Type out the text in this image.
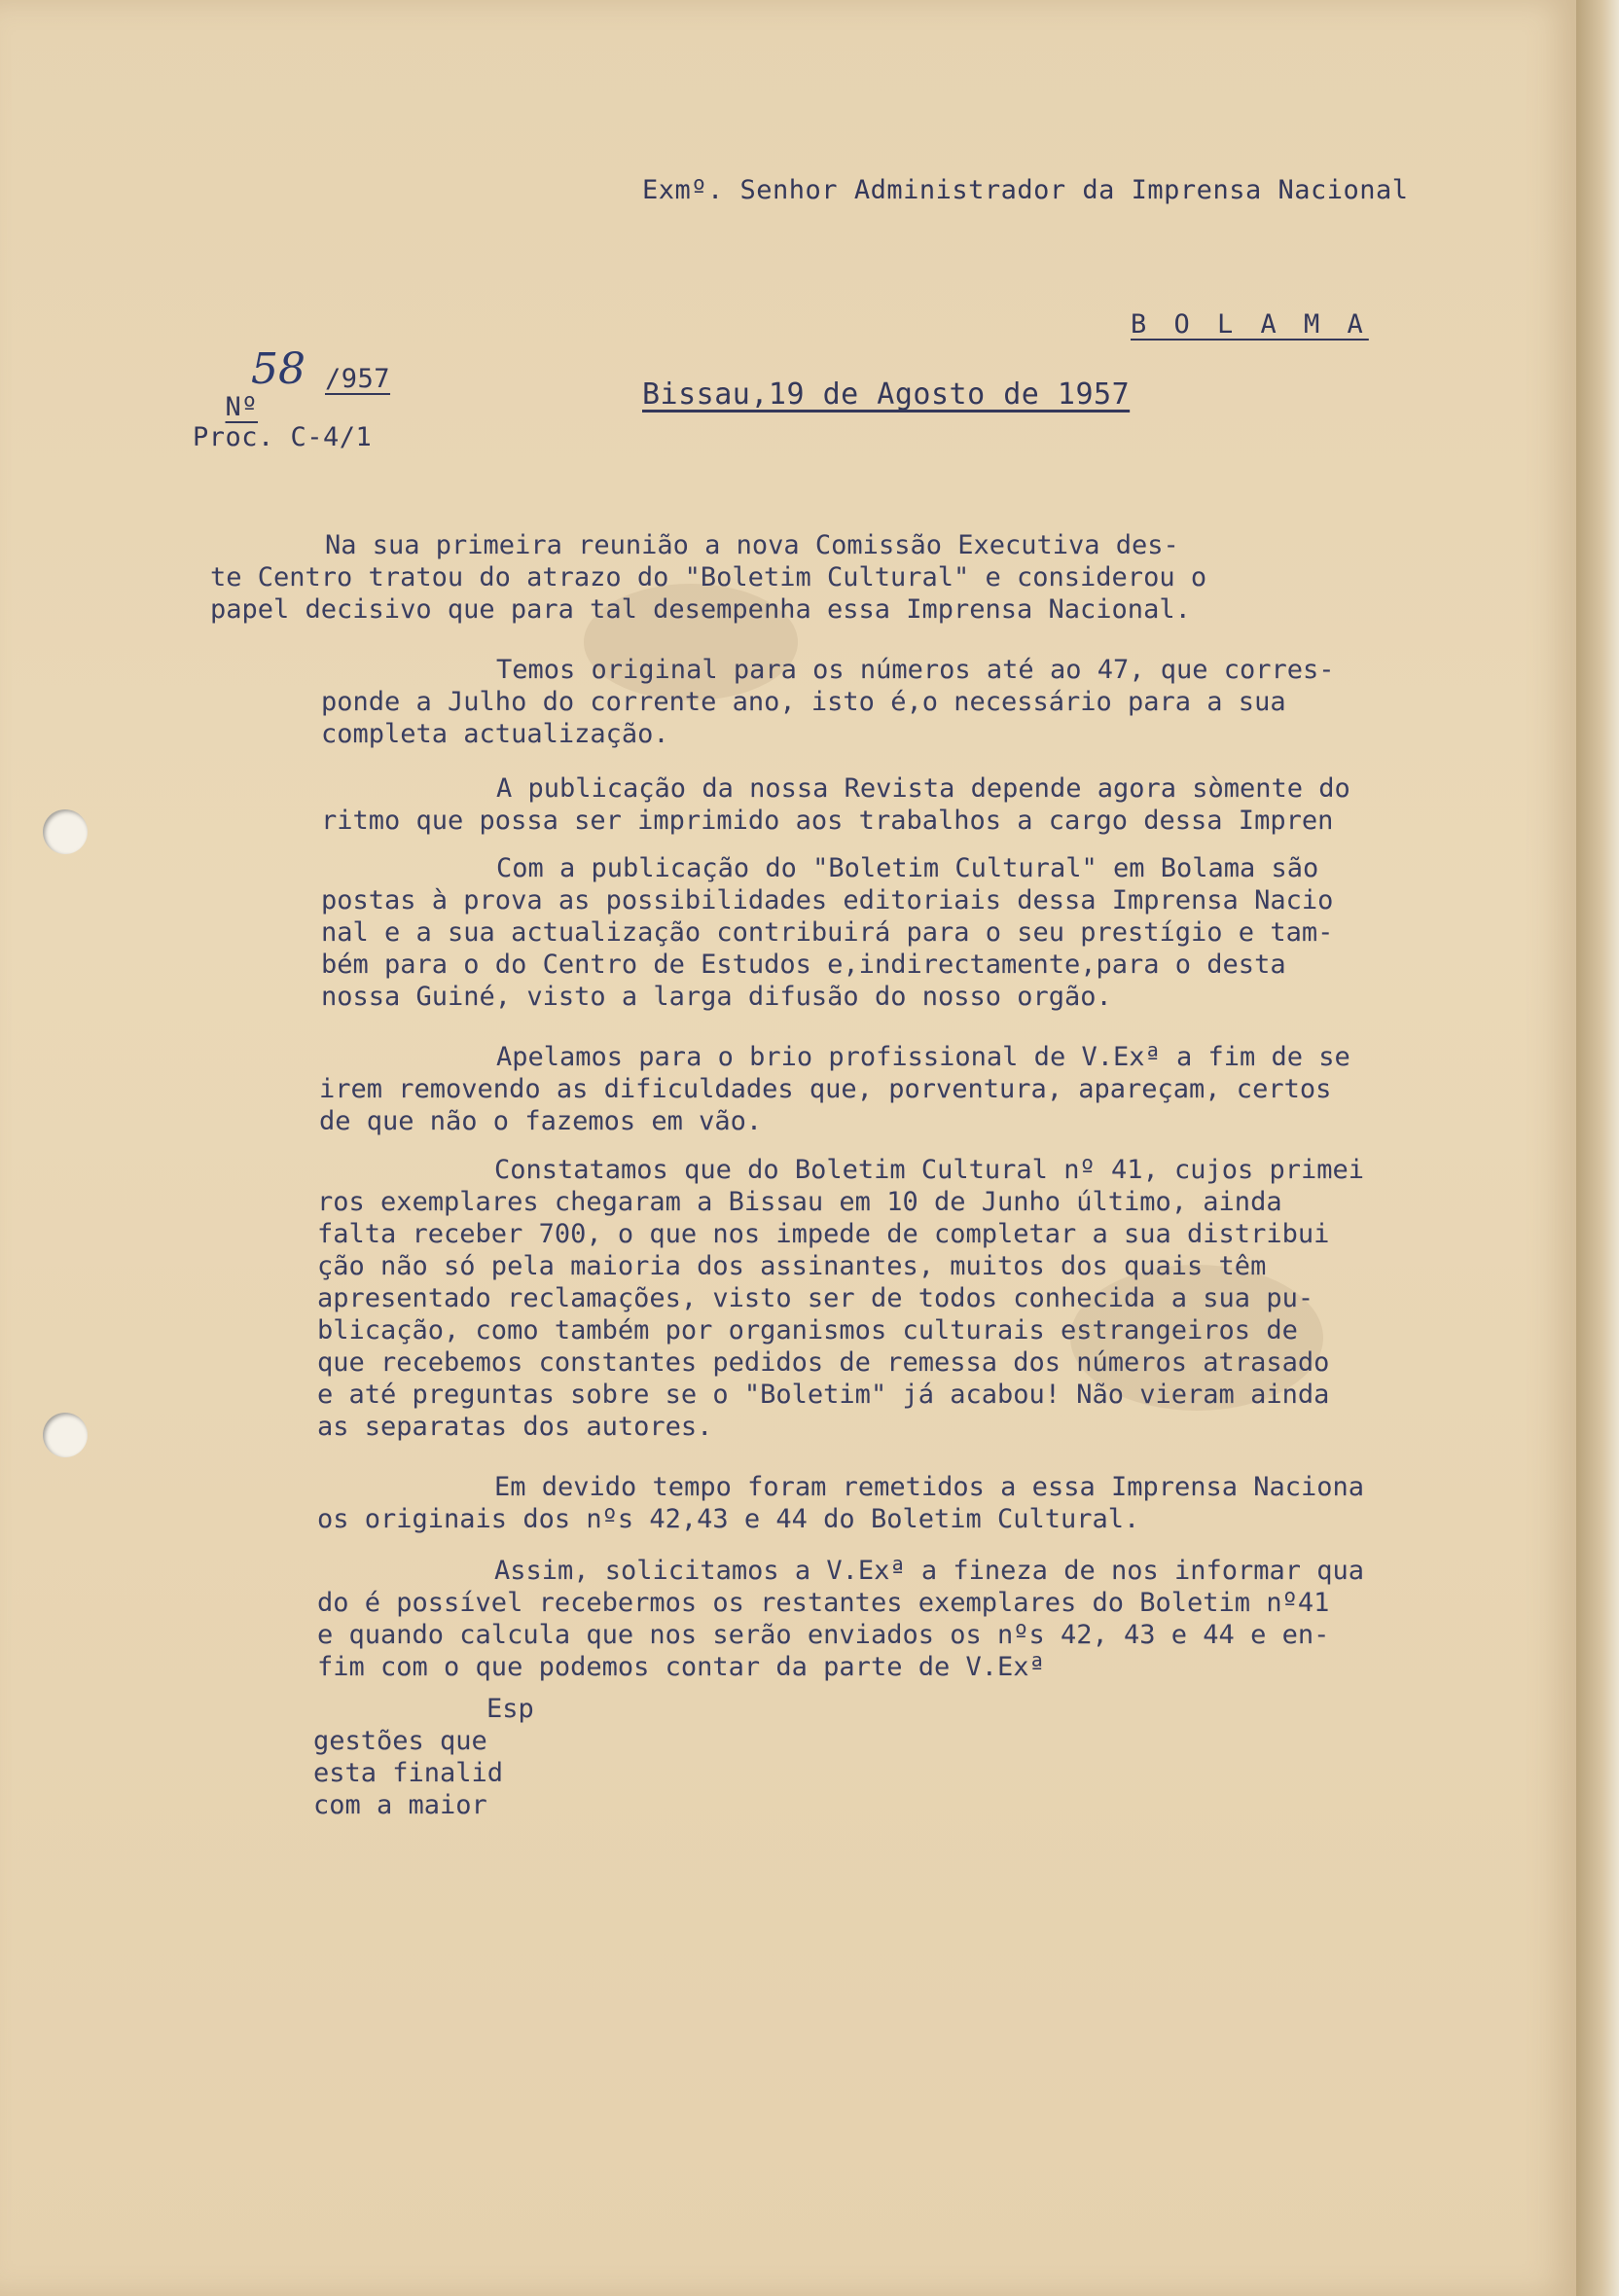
Exmº. Senhor Administrador da Imprensa Nacional
B O L A M A

Nº

58 /957	Bissau,19 de Agosto de 1957
Proc. C-4/1

Na sua primeira reunião a nova Comissão Executiva des-

te Centro tratou do atrazo do "Boletim Cultural" e considerou o

papel decisivo que para tal desempenha essa Imprensa Nacional.

Temos original para os números até ao 47, que corres-

ponde a Julho do corrente ano, isto é,o necessário para a sua

completa actualização.

A publicação da nossa Revista depende agora sòmente do

ritmo que possa ser imprimido aos trabalhos a cargo dessa Impren

Com a publicação do "Boletim Cultural" em Bolama são

postas à prova as possibilidades editoriais dessa Imprensa Nacio

nal e a sua actualização contribuirá para o seu prestígio e tam-

bém para o do Centro de Estudos e,indirectamente,para o desta

nossa Guiné, visto a larga difusão do nosso orgão.

Apelamos para o brio profissional de V.Exª a fim de se

irem removendo as dificuldades que, porventura, apareçam, certos

de que não o fazemos em vão.

Constatamos que do Boletim Cultural nº 41, cujos primei

ros exemplares chegaram a Bissau em 10 de Junho último, ainda

falta receber 700, o que nos impede de completar a sua distribui

ção não só pela maioria dos assinantes, muitos dos quais têm

apresentado reclamações, visto ser de todos conhecida a sua pu-

blicação, como também por organismos culturais estrangeiros de

que recebemos constantes pedidos de remessa dos números atrasado

e até preguntas sobre se o "Boletim" já acabou! Não vieram ainda

as separatas dos autores.

Em devido tempo foram remetidos a essa Imprensa Naciona

os originais dos nºs 42,43 e 44 do Boletim Cultural.

Assim, solicitamos a V.Exª a fineza de nos informar qua

do é possível recebermos os restantes exemplares do Boletim nº41

e quando calcula que nos serão enviados os nºs 42, 43 e 44 e en-

fim com o que podemos contar da parte de V.Exª

Esp

gestões que

esta finalid

com a maior
